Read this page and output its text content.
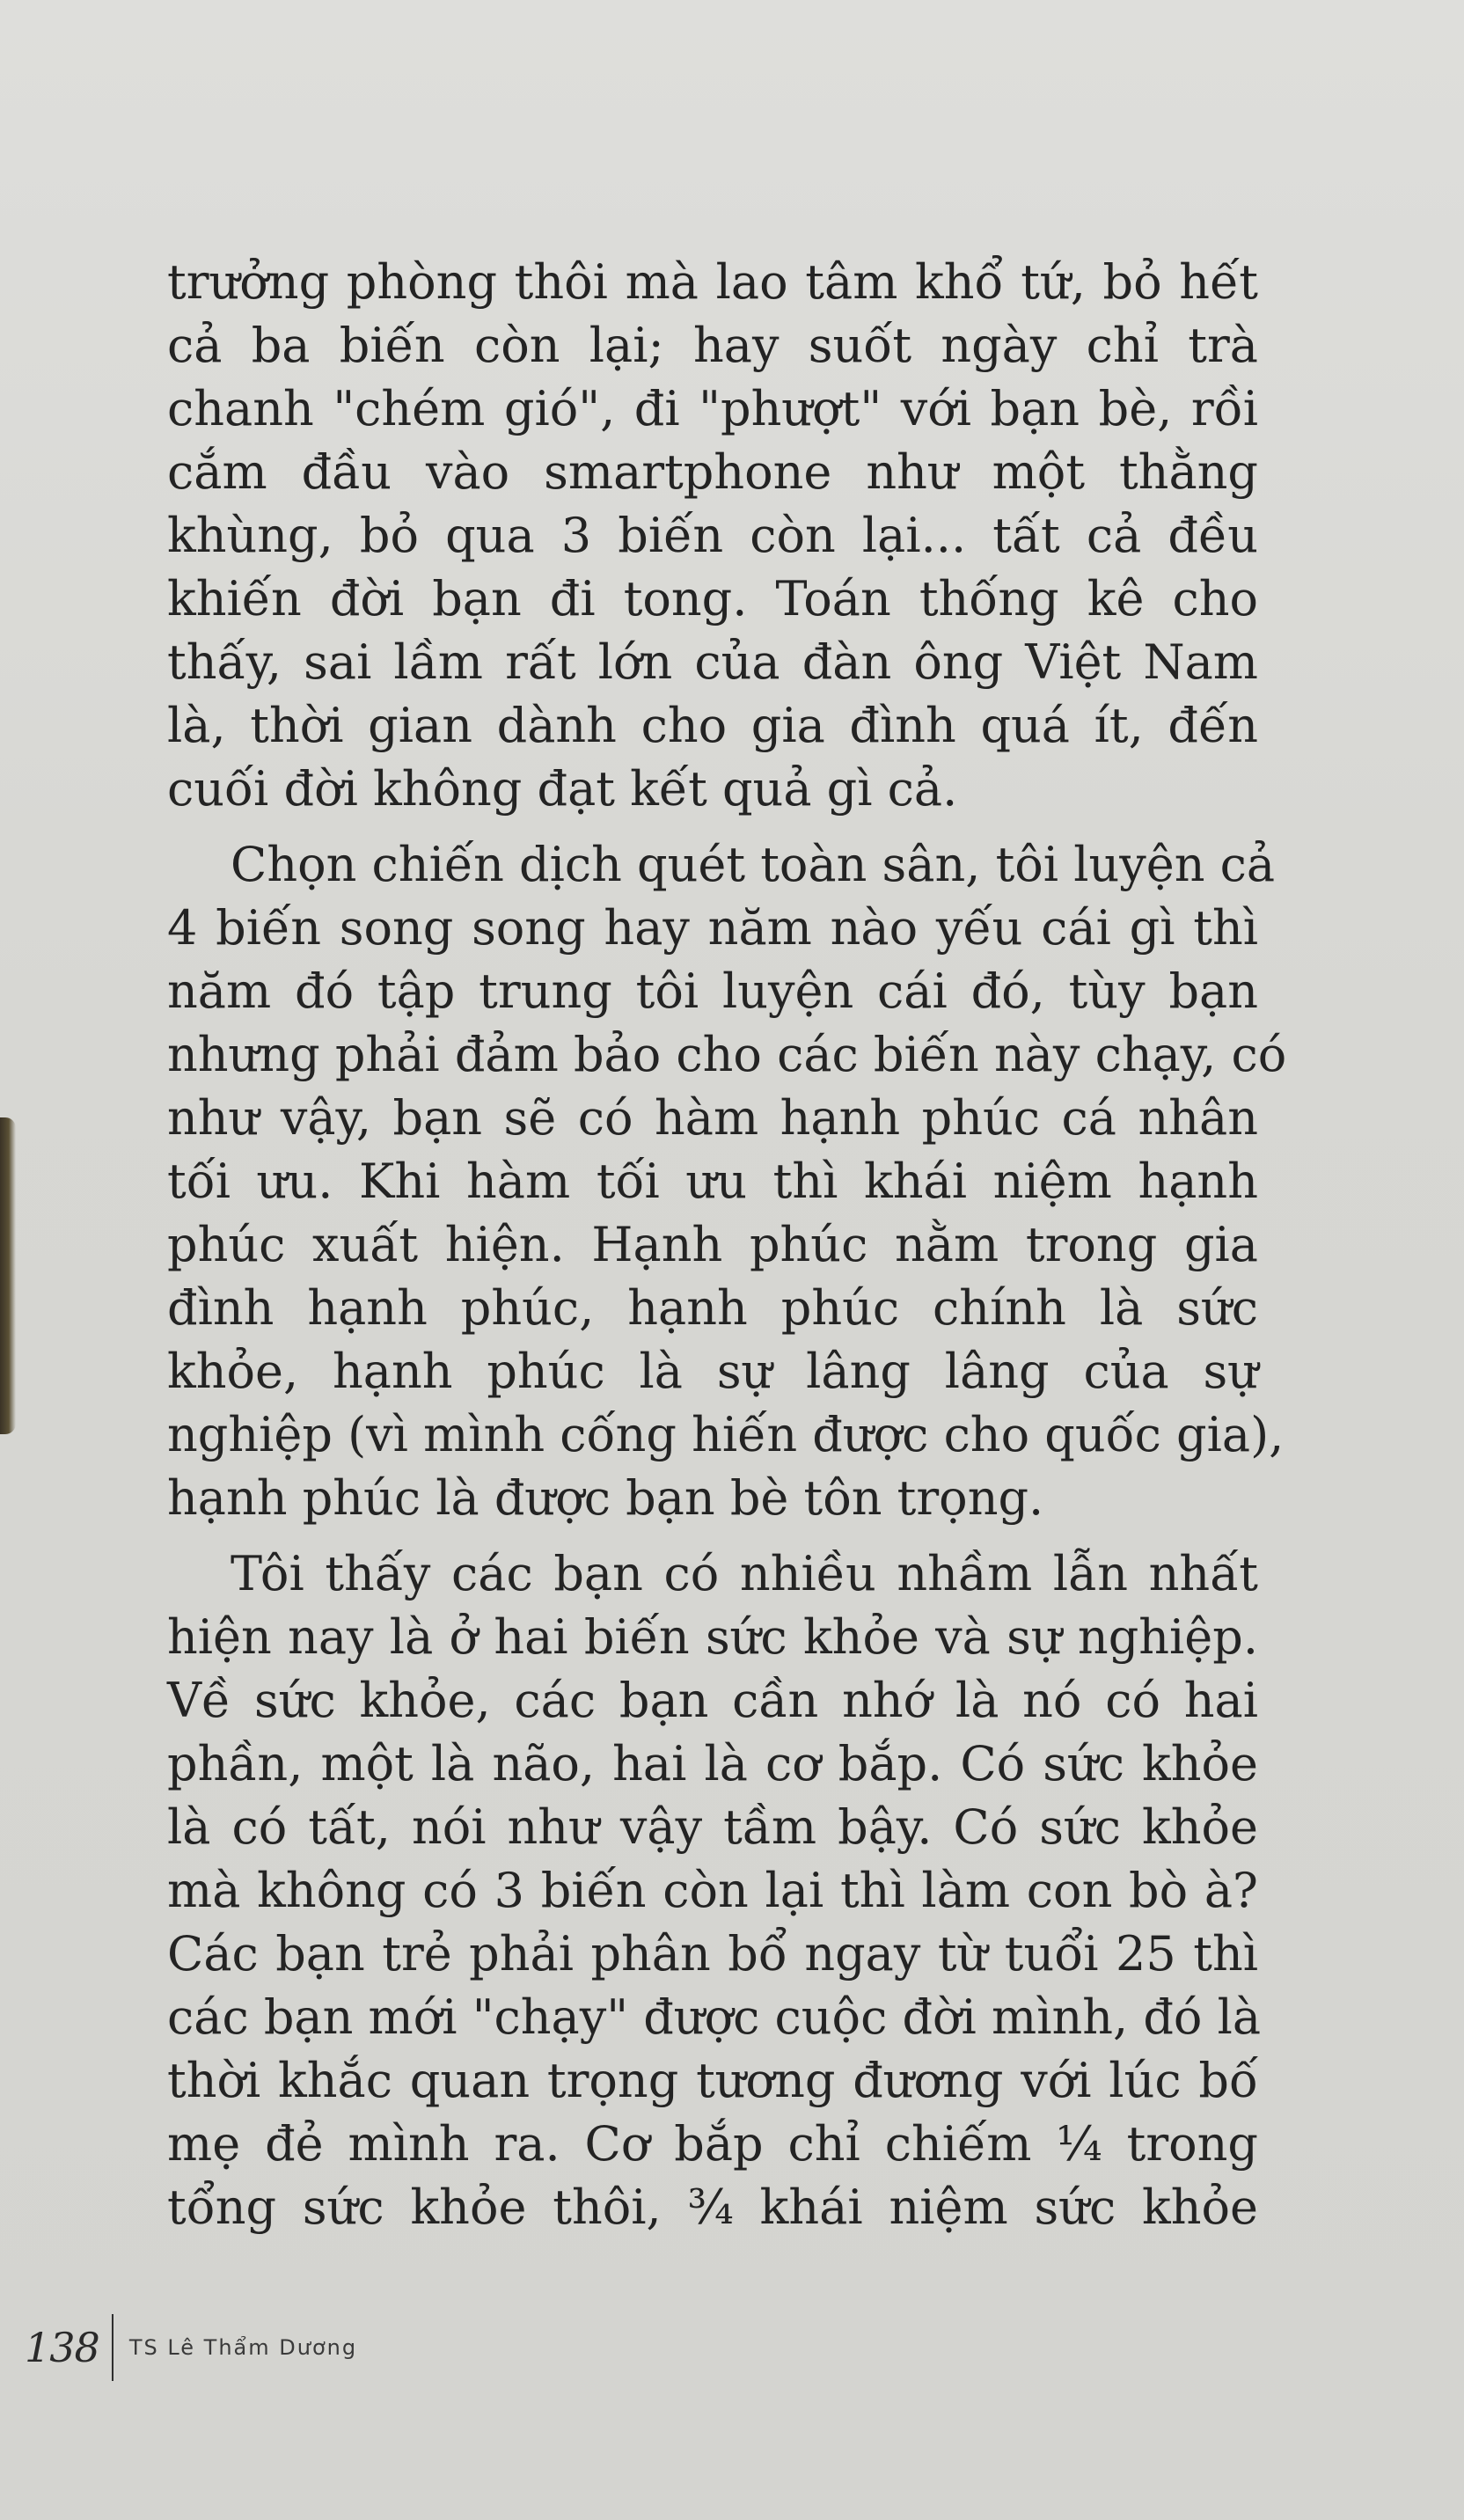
trưởng phòng thôi mà lao tâm khổ tứ, bỏ hết
cả ba biến còn lại; hay suốt ngày chỉ trà
chanh "chém gió", đi "phượt" với bạn bè, rồi
cắm đầu vào smartphone như một thằng
khùng, bỏ qua 3 biến còn lại... tất cả đều
khiến đời bạn đi tong. Toán thống kê cho
thấy, sai lầm rất lớn của đàn ông Việt Nam
là, thời gian dành cho gia đình quá ít, đến
cuối đời không đạt kết quả gì cả.

Chọn chiến dịch quét toàn sân, tôi luyện cả
4 biến song song hay năm nào yếu cái gì thì
năm đó tập trung tôi luyện cái đó, tùy bạn
nhưng phải đảm bảo cho các biến này chạy, có
như vậy, bạn sẽ có hàm hạnh phúc cá nhân
tối ưu. Khi hàm tối ưu thì khái niệm hạnh
phúc xuất hiện. Hạnh phúc nằm trong gia
đình hạnh phúc, hạnh phúc chính là sức
khỏe, hạnh phúc là sự lâng lâng của sự
nghiệp (vì mình cống hiến được cho quốc gia),
hạnh phúc là được bạn bè tôn trọng.

Tôi thấy các bạn có nhiều nhầm lẫn nhất
hiện nay là ở hai biến sức khỏe và sự nghiệp.
Về sức khỏe, các bạn cần nhớ là nó có hai
phần, một là não, hai là cơ bắp. Có sức khỏe
là có tất, nói như vậy tầm bậy. Có sức khỏe
mà không có 3 biến còn lại thì làm con bò à?
Các bạn trẻ phải phân bổ ngay từ tuổi 25 thì
các bạn mới "chạy" được cuộc đời mình, đó là
thời khắc quan trọng tương đương với lúc bố
mẹ đẻ mình ra. Cơ bắp chỉ chiếm ¼ trong
tổng sức khỏe thôi, ¾ khái niệm sức khỏe

138 TS Lê Thẩm Dương
